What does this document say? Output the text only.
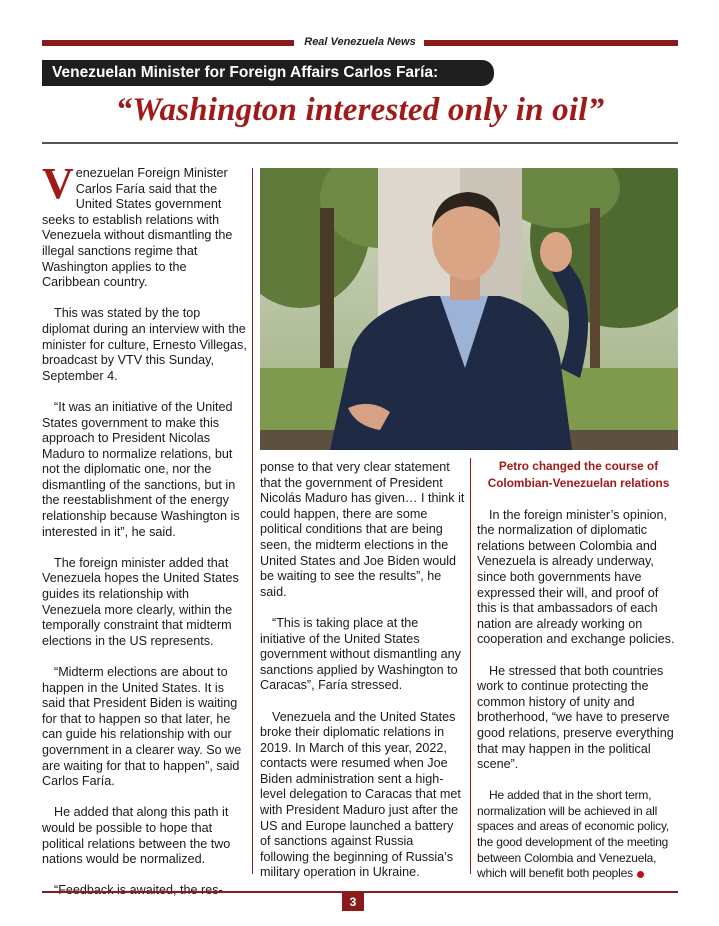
Real Venezuela News
Venezuelan Minister for Foreign Affairs Carlos Faría:
“Washington interested only in oil”

Venezuelan Foreign Minister Carlos Faría said that the United States government seeks to establish relations with Venezuela without dismantling the illegal sanctions regime that Washington applies to the Caribbean country.

This was stated by the top diplomat during an interview with the minister for culture, Ernesto Villegas, broadcast by VTV this Sunday, September 4.

“It was an initiative of the United States government to make this approach to President Nicolas Maduro to normalize relations, but not the diplomatic one, nor the dismantling of the sanctions, but in the reestablishment of the energy relationship because Washington is interested in it”, he said.

The foreign minister added that Venezuela hopes the United States guides its relationship with Venezuela more clearly, within the temporally constraint that midterm elections in the US represents.

“Midterm elections are about to happen in the United States. It is said that President Biden is waiting for that to happen so that later, he can guide his relationship with our government in a clearer way. So we are waiting for that to happen”, said Carlos Faría.

He added that along this path it would be possible to hope that political relations between the two nations would be normalized.

ponse to that very clear statement that the government of President Nicolás Maduro has given… I think it could happen, there are some political conditions that are being seen, the midterm elections in the United States and Joe Biden would be waiting to see the results”, he said.

“This is taking place at the initiative of the United States government without dismantling any sanctions applied by Washington to Caracas”, Faría stressed.

Venezuela and the United States broke their diplomatic relations in 2019. In March of this year, 2022, contacts were resumed when Joe Biden administration sent a high-level delegation to Caracas that met with President Maduro just after the US and Europe launched a battery of sanctions against Russia following the beginning of Russia’s military operation in Ukraine.

Petro changed the course of Colombian-Venezuelan relations

In the foreign minister’s opinion, the normalization of diplomatic relations between Colombia and Venezuela is already underway, since both governments have expressed their will, and proof of this is that ambassadors of each nation are already working on cooperation and exchange policies.

He stressed that both countries work to continue protecting the common history of unity and brotherhood, “we have to preserve good relations, preserve everything that may happen in the political scene”.

He added that in the short term, normalization will be achieved in all spaces and areas of economic policy, the good development of the meeting between Colombia and Venezuela, which will benefit both peoples

3
